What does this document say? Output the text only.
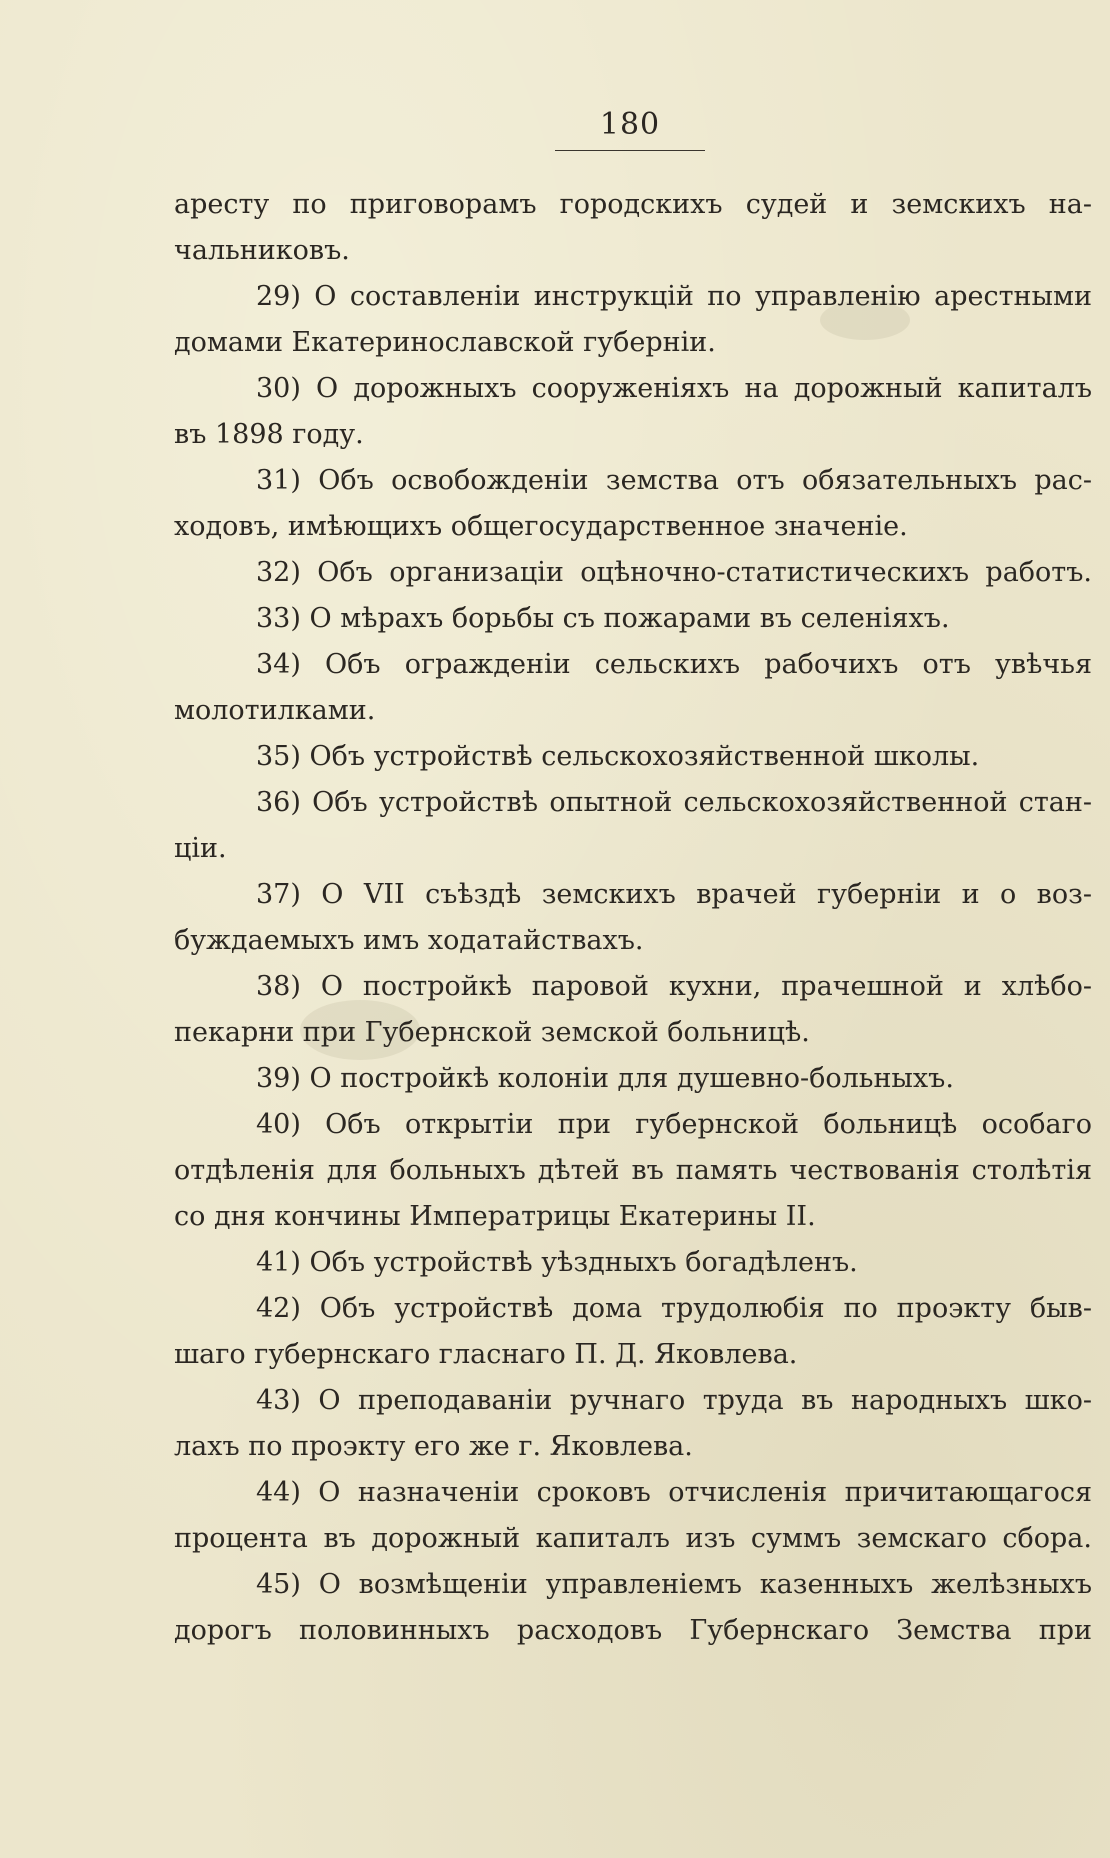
180
аресту по приговорамъ городскихъ судей и земскихъ на-
чальниковъ.
29) О составленіи инструкцій по управленію арестными
домами Екатеринославской губерніи.
30) О дорожныхъ сооруженіяхъ на дорожный капиталъ
въ 1898 году.
31) Объ освобожденіи земства отъ обязательныхъ рас-
ходовъ, имѣющихъ общегосударственное значеніе.
32) Объ организаціи оцѣночно-статистическихъ работъ.
33) О мѣрахъ борьбы съ пожарами въ селеніяхъ.
34) Объ огражденіи сельскихъ рабочихъ отъ увѣчья
молотилками.
35) Объ устройствѣ сельскохозяйственной школы.
36) Объ устройствѣ опытной сельскохозяйственной стан-
ціи.
37) О VII съѣздѣ земскихъ врачей губерніи и о воз-
буждаемыхъ имъ ходатайствахъ.
38) О постройкѣ паровой кухни, прачешной и хлѣбо-
пекарни при Губернской земской больницѣ.
39) О постройкѣ колоніи для душевно-больныхъ.
40) Объ открытіи при губернской больницѣ особаго
отдѣленія для больныхъ дѣтей въ память чествованія столѣтія
со дня кончины Императрицы Екатерины II.
41) Объ устройствѣ уѣздныхъ богадѣленъ.
42) Объ устройствѣ дома трудолюбія по проэкту быв-
шаго губернскаго гласнаго П. Д. Яковлева.
43) О преподаваніи ручнаго труда въ народныхъ шко-
лахъ по проэкту его же г. Яковлева.
44) О назначеніи сроковъ отчисленія причитающагося
процента въ дорожный капиталъ изъ суммъ земскаго сбора.
45) О возмѣщеніи управленіемъ казенныхъ желѣзныхъ
дорогъ половинныхъ расходовъ Губернскаго Земства при
